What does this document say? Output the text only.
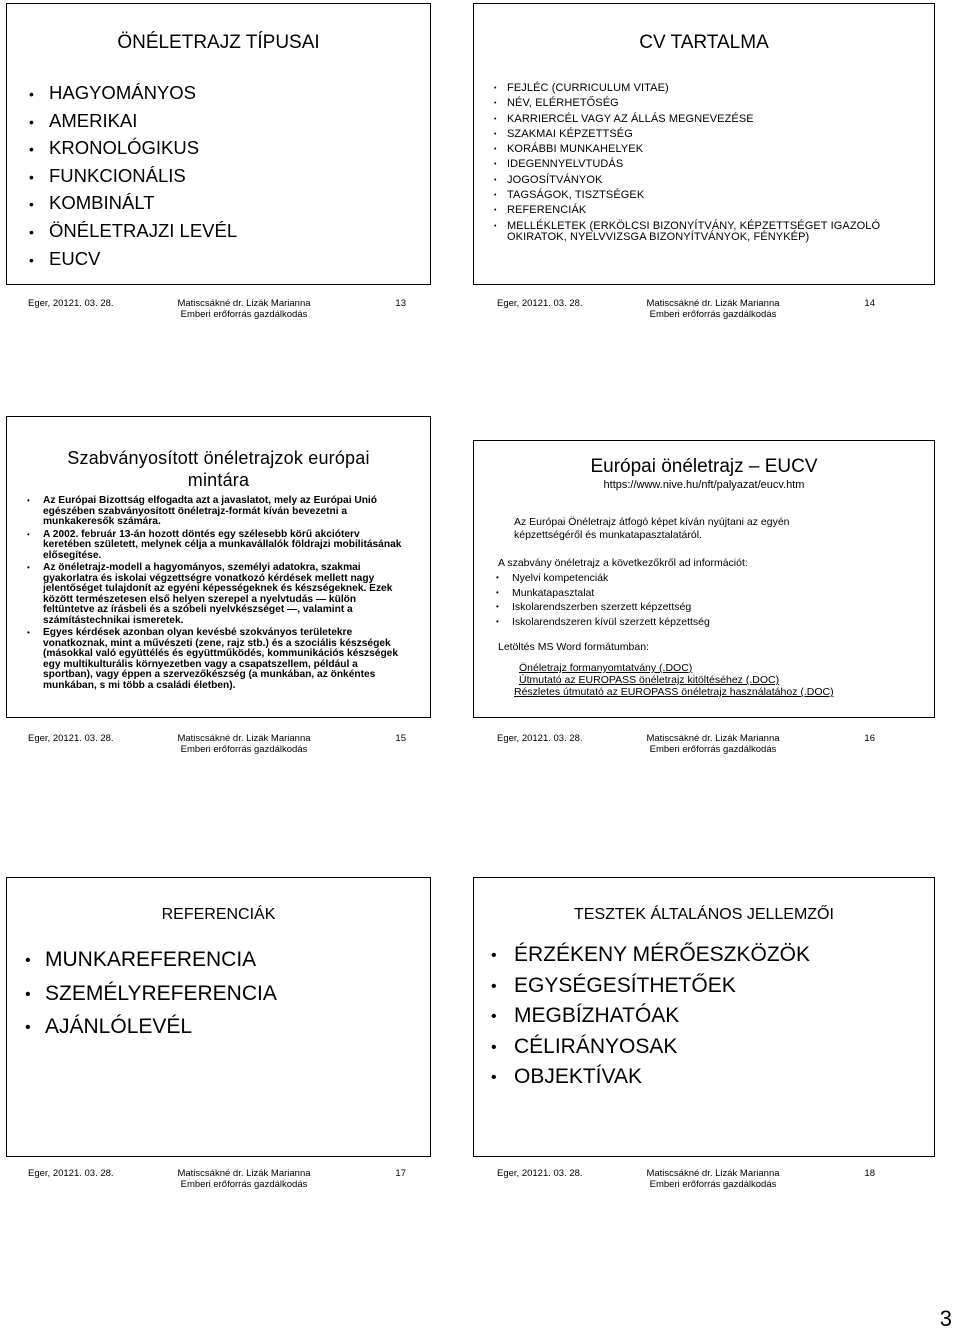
ÖNÉLETRAJZ TÍPUSAI
• HAGYOMÁNYOS
• AMERIKAI
• KRONOLÓGIKUS
• FUNKCIONÁLIS
• KOMBINÁLT
• ÖNÉLETRAJZI LEVÉL
• EUCV
Eger, 20121. 03. 28.	Matiscsákné dr. Lizák Marianna
Emberi erőforrás gazdálkodás
13
CV TARTALMA
• FEJLÉC (CURRICULUM VITAE)
• NÉV, ELÉRHETŐSÉG
• KARRIERCÉL VAGY AZ ÁLLÁS MEGNEVEZÉSE
• SZAKMAI KÉPZETTSÉG
• KORÁBBI MUNKAHELYEK
• IDEGENNYELVTUDÁS
• JOGOSÍTVÁNYOK
• TAGSÁGOK, TISZTSÉGEK
• REFERENCIÁK
• MELLÉKLETEK (ERKÖLCSI BIZONYÍTVÁNY, KÉPZETTSÉGET IGAZOLÓ OKIRATOK, NYELVVIZSGA BIZONYÍTVÁNYOK, FÉNYKÉP)
Eger, 20121. 03. 28.	Matiscsákné dr. Lizák Marianna
Emberi erőforrás gazdálkodás
14
Szabványosított önéletrajzok európai mintára
• Az Európai Bizottság elfogadta azt a javaslatot, mely az Európai Unió egészében szabványosított önéletrajz-formát kíván bevezetni a munkakeresők számára.
• A 2002. február 13-án hozott döntés egy szélesebb körű akcióterv keretében született, melynek célja a munkavállalók földrajzi mobilitásának elősegítése.
• Az önéletrajz-modell a hagyományos, személyi adatokra, szakmai gyakorlatra és iskolai végzettségre vonatkozó kérdések mellett nagy jelentőséget tulajdonít az egyéni képességeknek és készségeknek. Ezek között természetesen első helyen szerepel a nyelvtudás — külön feltüntetve az írásbeli és a szóbeli nyelvkészséget —, valamint a számítástechnikai ismeretek.
• Egyes kérdések azonban olyan kevésbé szokványos területekre vonatkoznak, mint a művészeti (zene, rajz stb.) és a szociális készségek (másokkal való együttélés és együttműködés, kommunikációs készségek egy multikulturális környezetben vagy a csapatszellem, például a sportban), vagy éppen a szervezőkészség (a munkában, az önkéntes munkában, s mi több a családi életben).
Eger, 20121. 03. 28.	Matiscsákné dr. Lizák Marianna
Emberi erőforrás gazdálkodás
15
Európai önéletrajz – EUCV
https://www.nive.hu/nft/palyazat/eucv.htm
Az Európai Önéletrajz átfogó képet kíván nyújtani az egyén képzettségéről és munkatapasztalatáról.
A szabvány önéletrajz a következőkről ad információt:
• Nyelvi kompetenciák
• Munkatapasztalat
• Iskolarendszerben szerzett képzettség
• Iskolarendszeren kívül szerzett képzettség
Letöltés MS Word formátumban:
Önéletrajz formanyomtatvány (.DOC)
Útmutató az EUROPASS önéletrajz kitöltéséhez (.DOC)
Részletes útmutató az EUROPASS önéletrajz használatához (.DOC)
Eger, 20121. 03. 28.	Matiscsákné dr. Lizák Marianna
Emberi erőforrás gazdálkodás
16
REFERENCIÁK
• MUNKAREFERENCIA
• SZEMÉLYREFERENCIA
• AJÁNLÓLEVÉL
Eger, 20121. 03. 28.	Matiscsákné dr. Lizák Marianna
Emberi erőforrás gazdálkodás
17
TESZTEK ÁLTALÁNOS JELLEMZŐI
• ÉRZÉKENY MÉRŐESZKÖZÖK
• EGYSÉGESÍTHETŐEK
• MEGBÍZHATÓAK
• CÉLIRÁNYOSAK
• OBJEKTÍVAK
Eger, 20121. 03. 28.	Matiscsákné dr. Lizák Marianna
Emberi erőforrás gazdálkodás
18
3
